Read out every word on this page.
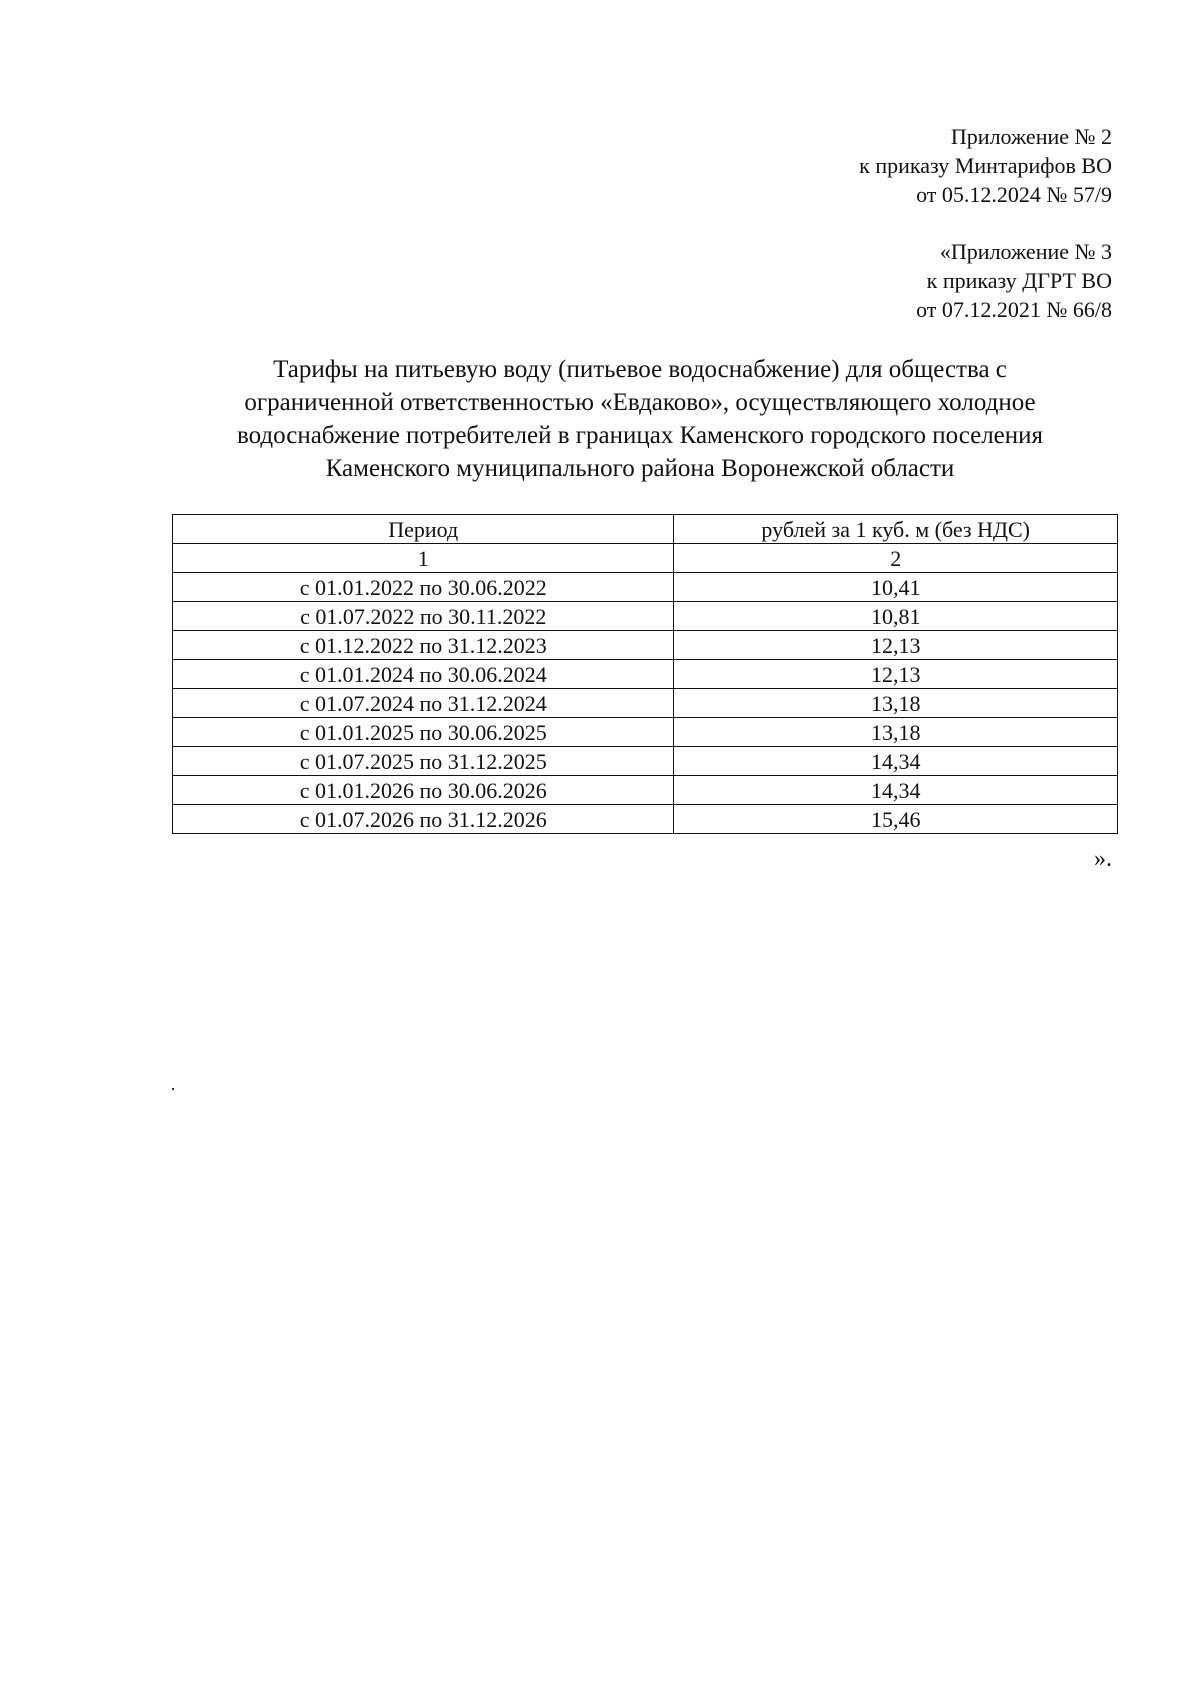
Приложение № 2
к приказу Минтарифов ВО
от 05.12.2024 № 57/9
«Приложение № 3
к приказу ДГРТ ВО
от 07.12.2021 № 66/8
Тарифы на питьевую воду (питьевое водоснабжение) для общества с
ограниченной ответственностью «Евдаково», осуществляющего холодное
водоснабжение потребителей в границах Каменского городского поселения
Каменского муниципального района Воронежской области
Период	рублей за 1 куб. м (без НДС)
1	2
с 01.01.2022 по 30.06.2022	10,41
с 01.07.2022 по 30.11.2022	10,81
с 01.12.2022 по 31.12.2023	12,13
с 01.01.2024 по 30.06.2024	12,13
с 01.07.2024 по 31.12.2024	13,18
с 01.01.2025 по 30.06.2025	13,18
с 01.07.2025 по 31.12.2025	14,34
с 01.01.2026 по 30.06.2026	14,34
с 01.07.2026 по 31.12.2026	15,46
».
